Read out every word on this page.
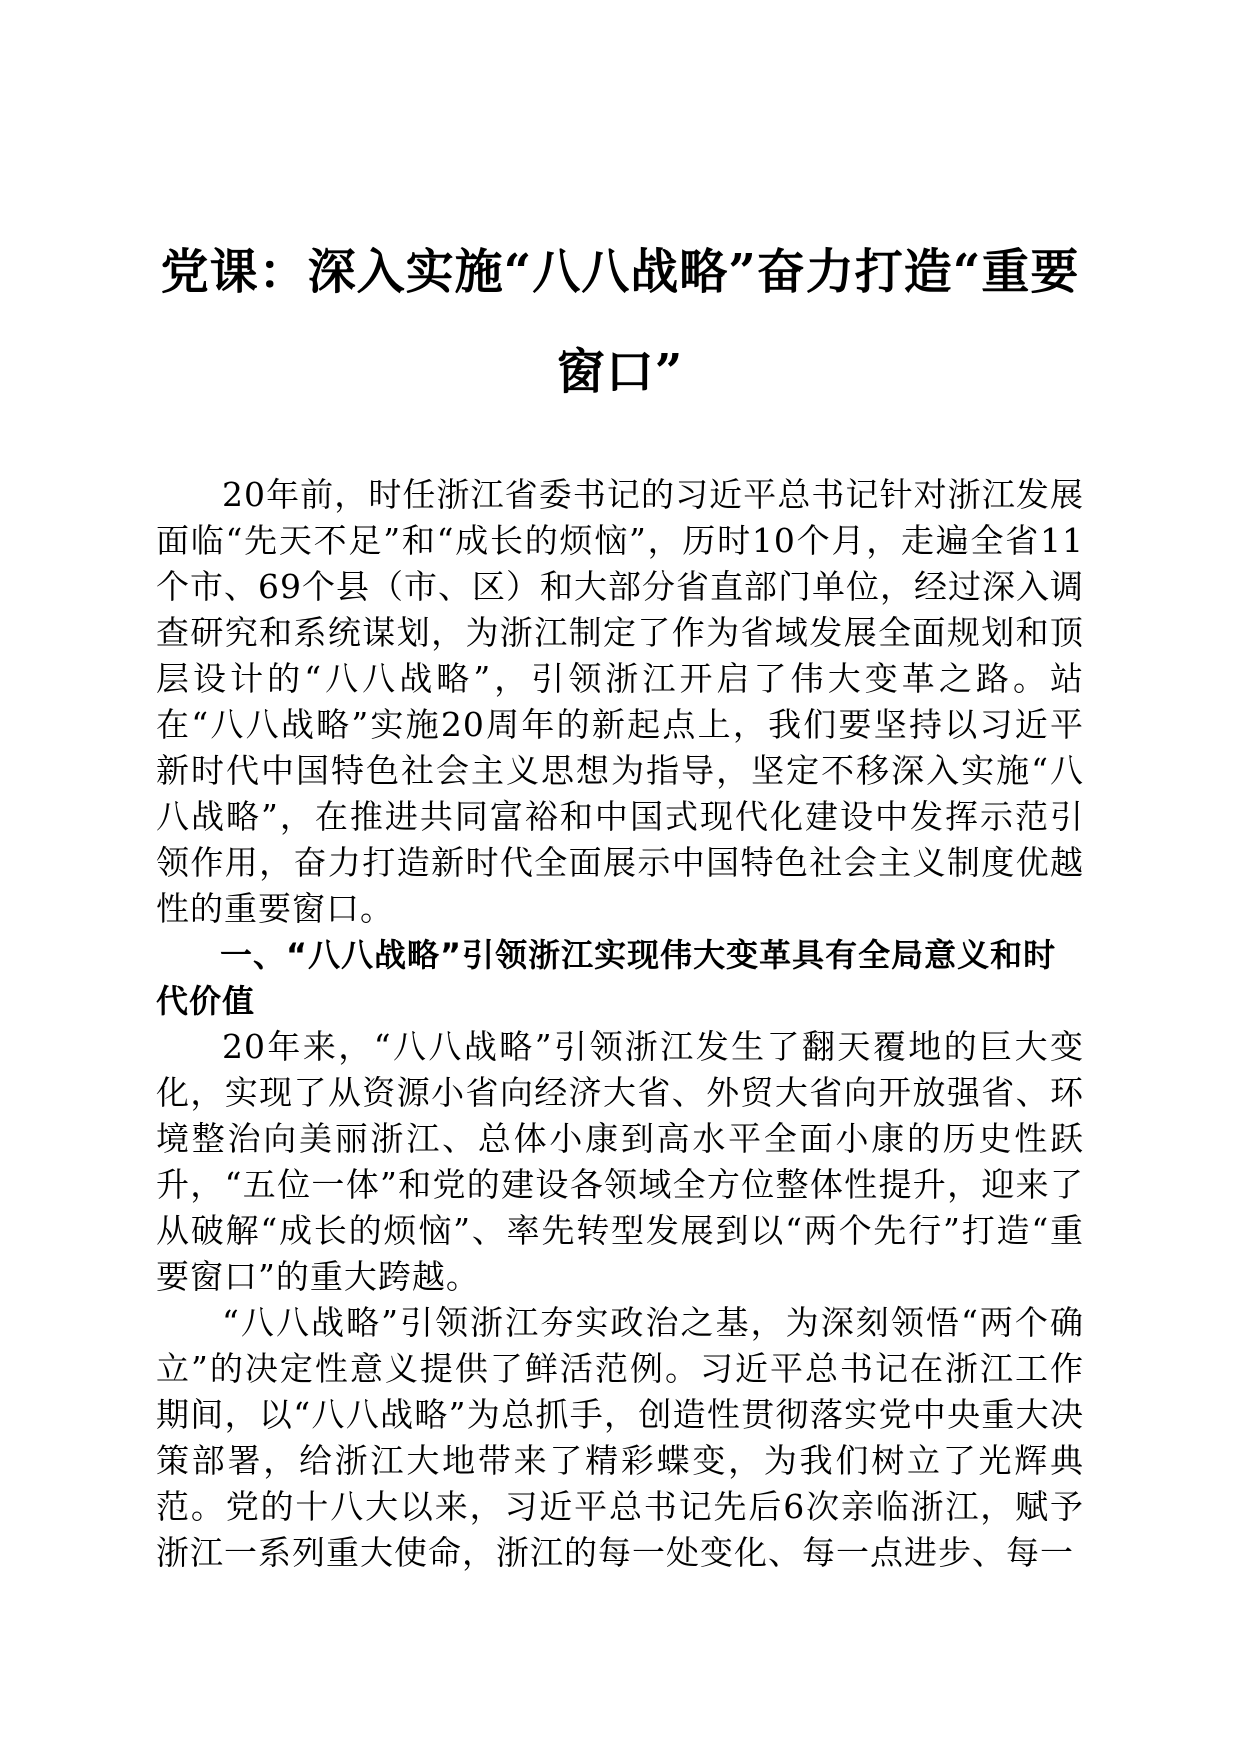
党课：深入实施“八八战略”奋力打造“重要窗口”

20年前，时任浙江省委书记的习近平总书记针对浙江发展面临“先天不足”和“成长的烦恼”，历时10个月，走遍全省11个市、69个县（市、区）和大部分省直部门单位，经过深入调查研究和系统谋划，为浙江制定了作为省域发展全面规划和顶层设计的“八八战略”，引领浙江开启了伟大变革之路。站在“八八战略”实施20周年的新起点上，我们要坚持以习近平新时代中国特色社会主义思想为指导，坚定不移深入实施“八八战略”，在推进共同富裕和中国式现代化建设中发挥示范引领作用，奋力打造新时代全面展示中国特色社会主义制度优越性的重要窗口。

一、“八八战略”引领浙江实现伟大变革具有全局意义和时代价值

20年来，“八八战略”引领浙江发生了翻天覆地的巨大变化，实现了从资源小省向经济大省、外贸大省向开放强省、环境整治向美丽浙江、总体小康到高水平全面小康的历史性跃升，“五位一体”和党的建设各领域全方位整体性提升，迎来了从破解“成长的烦恼”、率先转型发展到以“两个先行”打造“重要窗口”的重大跨越。

“八八战略”引领浙江夯实政治之基，为深刻领悟“两个确立”的决定性意义提供了鲜活范例。习近平总书记在浙江工作期间，以“八八战略”为总抓手，创造性贯彻落实党中央重大决策部署，给浙江大地带来了精彩蝶变，为我们树立了光辉典范。党的十八大以来，习近平总书记先后6次亲临浙江，赋予浙江一系列重大使命，浙江的每一处变化、每一点进步、每一
